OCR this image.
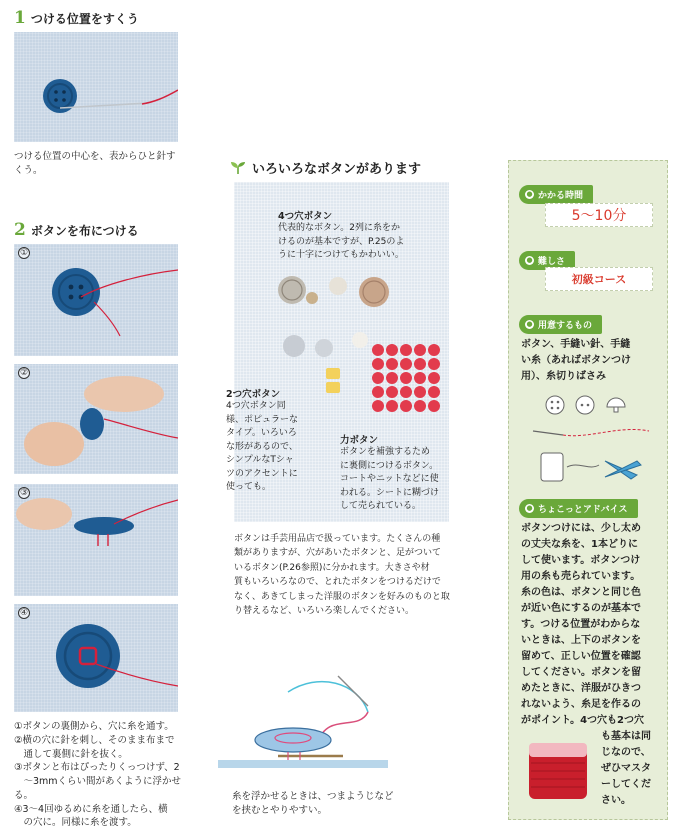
1 つける位置をすくう
つける位置の中心を、表からひと針す
くう。
2 ボタンを布につける
①
②
③
④
①ボタンの裏側から、穴に糸を通す。
②横の穴に針を刺し、そのまま布まで
　通して裏側に針を抜く。
③ボタンと布はぴったりくっつけず、2
　〜3mmくらい間があくように浮かせる。
④3〜4回ゆるめに糸を通したら、横
　の穴に。同様に糸を渡す。
いろいろなボタンがあります
4つ穴ボタン
代表的なボタン。2列に糸をか
けるのが基本ですが、P.25のよ
うに十字につけてもかわいい。
2つ穴ボタン
4つ穴ボタン同
様、ポピュラーな
タイプ。いろいろ
な形があるので、
シンプルなTシャ
ツのアクセントに
使っても。
力ボタン
ボタンを補強するため
に裏側につけるボタン。
コートやニットなどに使
われる。シートに糊づけ
して売られている。
ボタンは手芸用品店で扱っています。たくさんの種
類がありますが、穴があいたボタンと、足がついて
いるボタン(P.26参照)に分かれます。大きさや材
質もいろいろなので、とれたボタンをつけるだけで
なく、あきてしまった洋服のボタンを好みのものと取
り替えるなど、いろいろ楽しんでください。
糸を浮かせるときは、つまようじなど
を挟むとやりやすい。
● かかる時間
5〜10分
● 難しさ
初級コース
● 用意するもの
ボタン、手縫い針、手縫
い糸（あればボタンつけ
用）、糸切りばさみ
● ちょこっとアドバイス
ボタンつけには、少し太め
の丈夫な糸を、1本どりに
して使います。ボタンつけ
用の糸も売られています。
糸の色は、ボタンと同じ色
が近い色にするのが基本で
す。つける位置がわからな
いときは、上下のボタンを
留めて、正しい位置を確認
してください。ボタンを留
めたときに、洋服がひきつ
れないよう、糸足を作るの
がポイント。4つ穴も2つ穴
も基本は同
じなので、
ぜひマスタ
ーしてくだ
さい。
